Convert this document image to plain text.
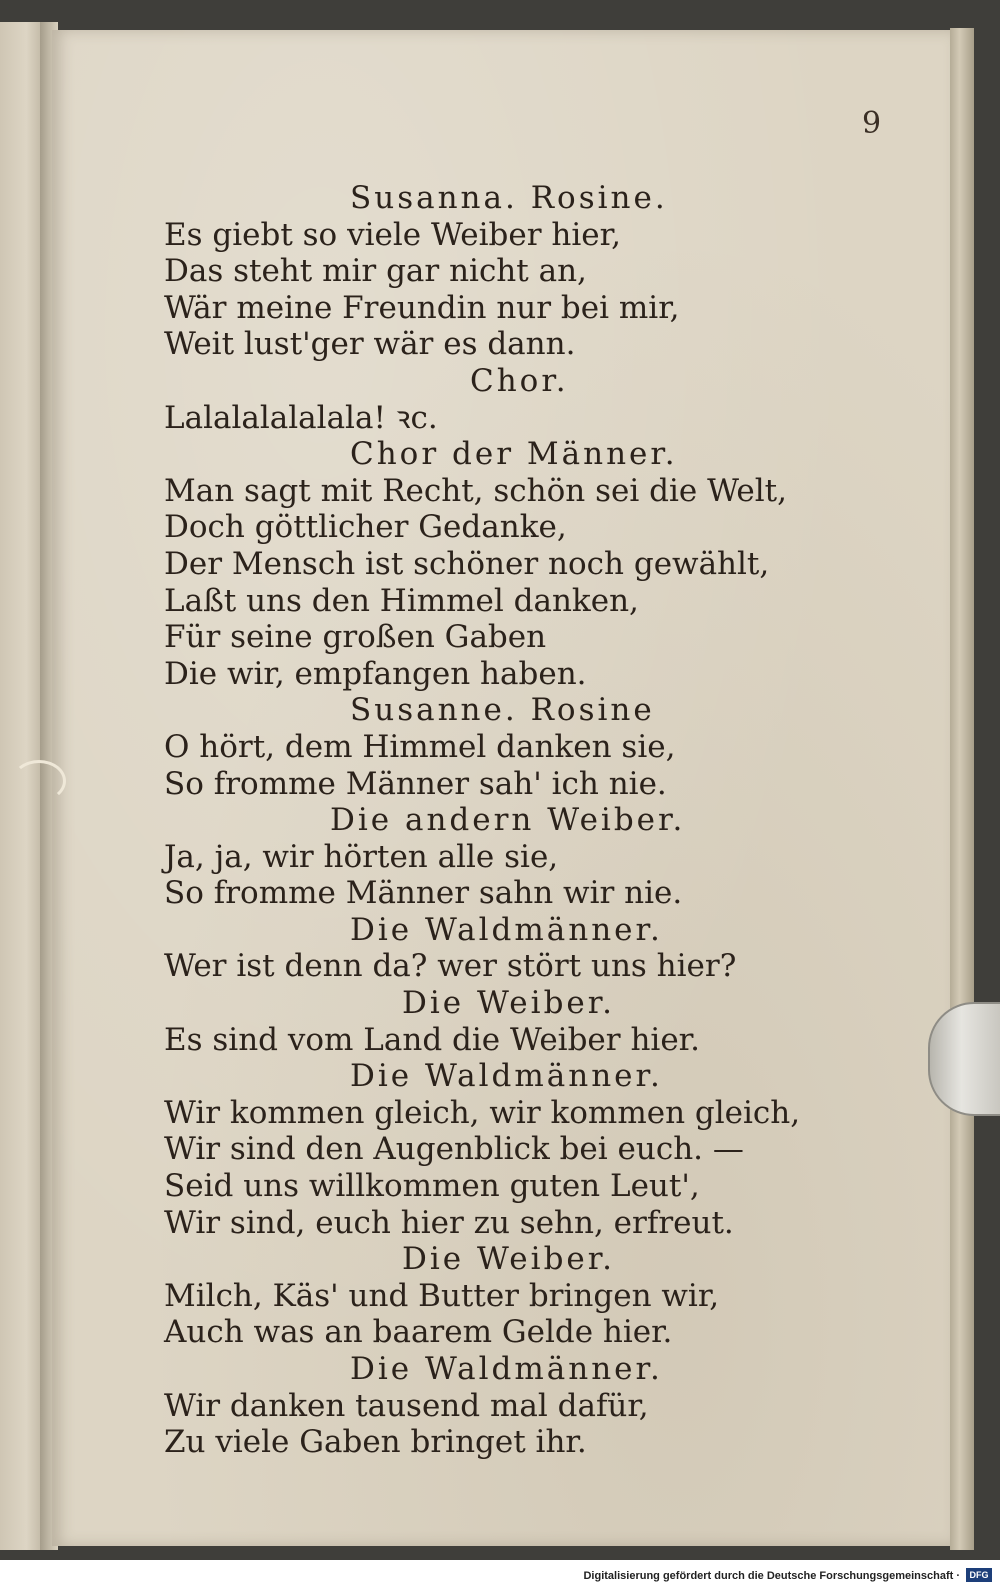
9
Susanna. Rosine.
Es giebt so viele Weiber hier,
Das steht mir gar nicht an,
Wär meine Freundin nur bei mir,
Weit lust'ger wär es dann.
Chor.
Lalalalalalala! ꝛc.
Chor der Männer.
Man sagt mit Recht, schön sei die Welt,
Doch göttlicher Gedanke,
Der Mensch ist schöner noch gewählt,
Laßt uns den Himmel danken,
Für seine großen Gaben
Die wir, empfangen haben.
Susanne. Rosine
O hört, dem Himmel danken sie,
So fromme Männer sah' ich nie.
Die andern Weiber.
Ja, ja, wir hörten alle sie,
So fromme Männer sahn wir nie.
Die Waldmänner.
Wer ist denn da? wer stört uns hier?
Die Weiber.
Es sind vom Land die Weiber hier.
Die Waldmänner.
Wir kommen gleich, wir kommen gleich,
Wir sind den Augenblick bei euch. —
Seid uns willkommen guten Leut',
Wir sind, euch hier zu sehn, erfreut.
Die Weiber.
Milch, Käs' und Butter bringen wir,
Auch was an baarem Gelde hier.
Die Waldmänner.
Wir danken tausend mal dafür,
Zu viele Gaben bringet ihr.
Digitalisierung gefördert durch die Deutsche Forschungsgemeinschaft ·	DFG
